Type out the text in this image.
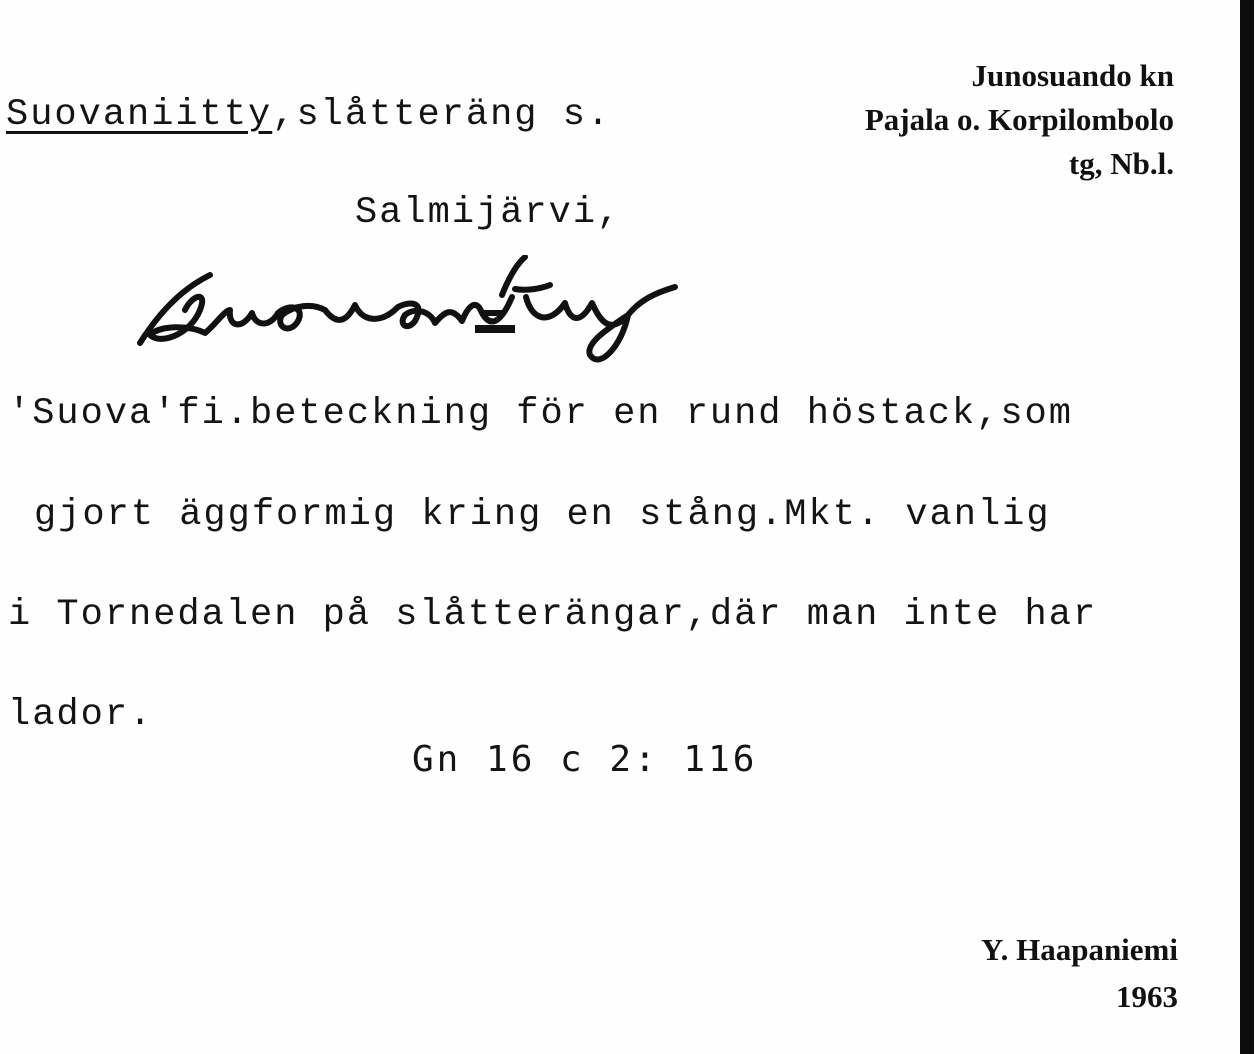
Suovaniitty,slåtteräng s.
Salmijärvi,
Junosuando kn
Pajala o. Korpilombolo
tg, Nb.l.
Suovaniity
ʹSuovaʹfi.beteckning för en rund höstack,som
gjort äggformig kring en stång.Mkt. vanlig
i Tornedalen på slåtterängar,där man inte har
lador.
Gn 16 c 2: 116
Y. Haapaniemi
1963
